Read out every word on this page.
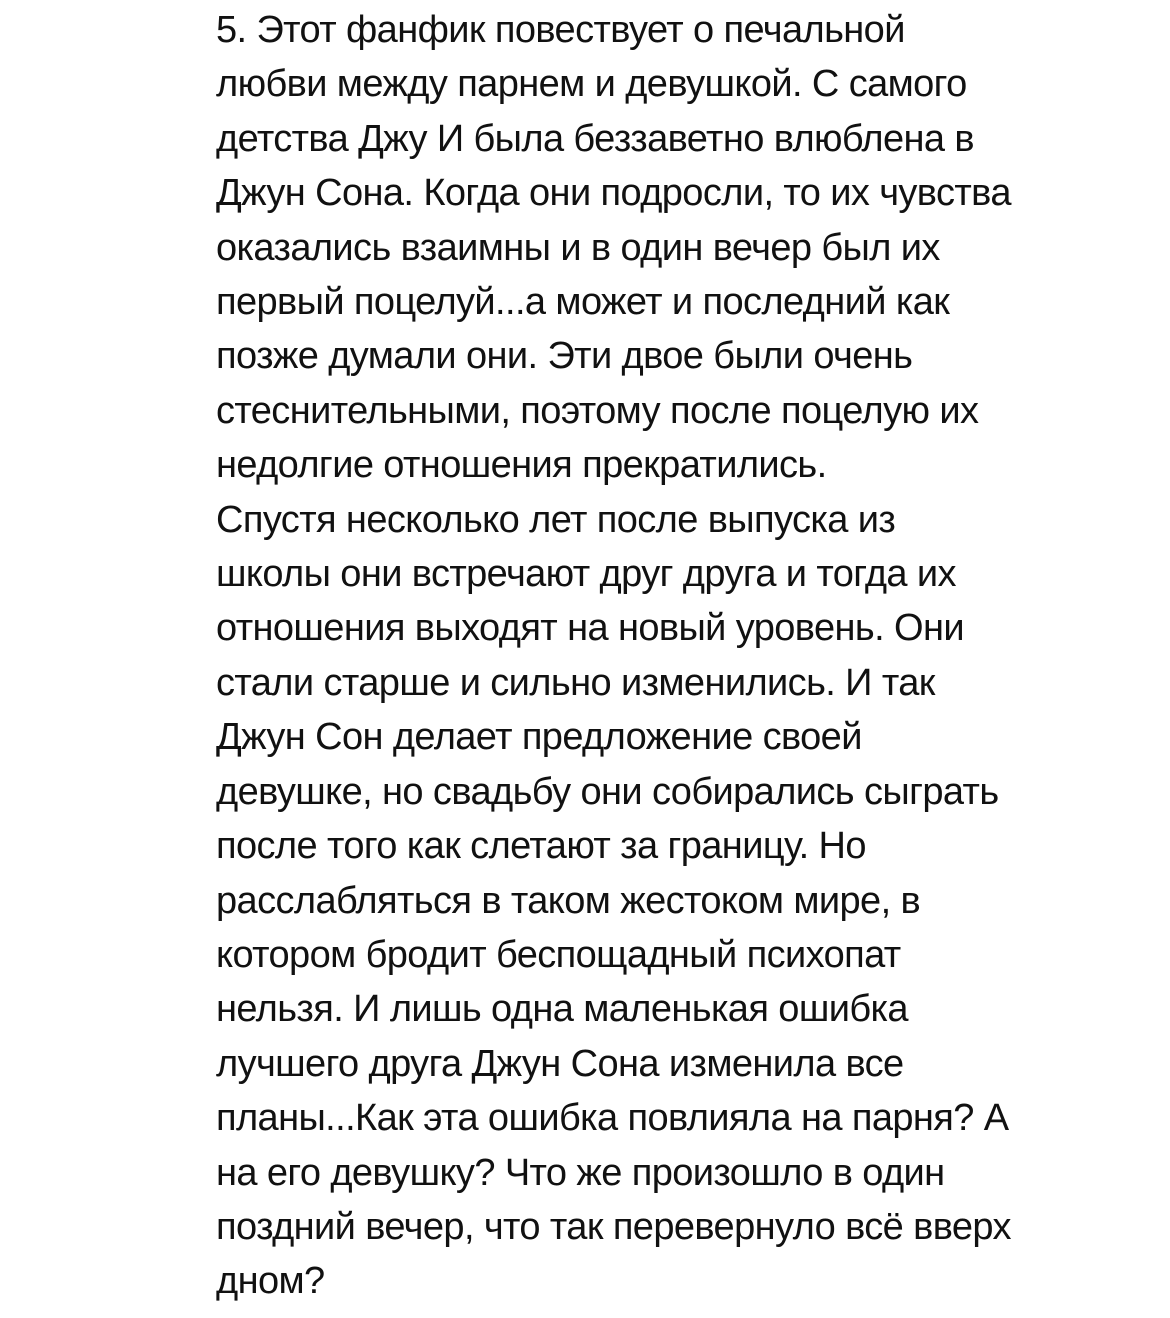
5. Этот фанфик повествует о печальной
любви между парнем и девушкой. С самого
детства Джу И была беззаветно влюблена в
Джун Сона. Когда они подросли, то их чувства
оказались взаимны и в один вечер был их
первый поцелуй...а может и последний как
позже думали они. Эти двое были очень
стеснительными, поэтому после поцелую их
недолгие отношения прекратились.
Спустя несколько лет после выпуска из
школы они встречают друг друга и тогда их
отношения выходят на новый уровень. Они
стали старше и сильно изменились. И так
Джун Сон делает предложение своей
девушке, но свадьбу они собирались сыграть
после того как слетают за границу. Но
расслабляться в таком жестоком мире, в
котором бродит беспощадный психопат
нельзя. И лишь одна маленькая ошибка
лучшего друга Джун Сона изменила все
планы...Как эта ошибка повлияла на парня? А
на его девушку? Что же произошло в один
поздний вечер, что так перевернуло всё вверх
дном?
